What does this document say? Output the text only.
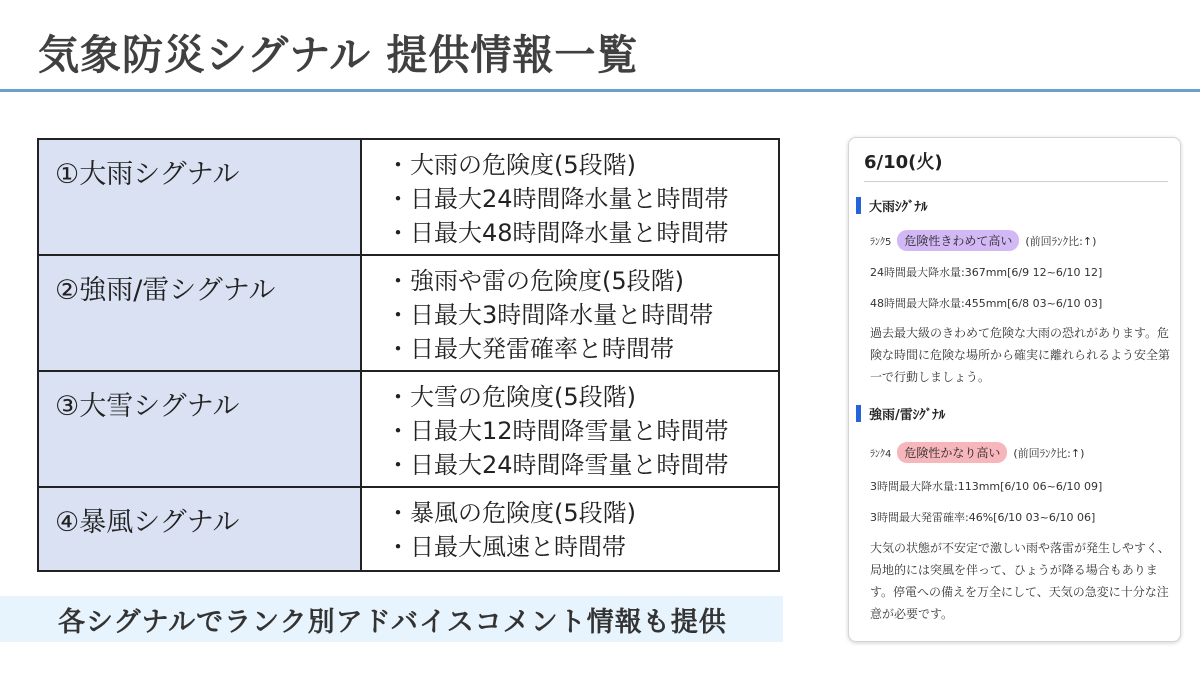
気象防災シグナル 提供情報一覧
①大雨シグナル	・大雨の危険度(5段階)
・日最大24時間降水量と時間帯
・日最大48時間降水量と時間帯

②強雨/雷シグナル	・強雨や雷の危険度(5段階)
・日最大3時間降水量と時間帯
・日最大発雷確率と時間帯

③大雪シグナル	・大雪の危険度(5段階)
・日最大12時間降雪量と時間帯
・日最大24時間降雪量と時間帯

④暴風シグナル	・暴風の危険度(5段階)
・日最大風速と時間帯
各シグナルでランク別アドバイスコメント情報も提供
6/10(火)
大雨ｼｸﾞﾅﾙ
ﾗﾝｸ5	危険性きわめて高い	(前回ﾗﾝｸ比:↑)
24時間最大降水量:367mm[6/9 12~6/10 12]
48時間最大降水量:455mm[6/8 03~6/10 03]
過去最大級のきわめて危険な大雨の恐れがあります。危険な時間に危険な場所から確実に離れられるよう安全第一で行動しましょう。
強雨/雷ｼｸﾞﾅﾙ
ﾗﾝｸ4	危険性かなり高い	(前回ﾗﾝｸ比:↑)
3時間最大降水量:113mm[6/10 06~6/10 09]
3時間最大発雷確率:46%[6/10 03~6/10 06]
大気の状態が不安定で激しい雨や落雷が発生しやすく、局地的には突風を伴って、ひょうが降る場合もあります。停電への備えを万全にして、天気の急変に十分な注意が必要です。
